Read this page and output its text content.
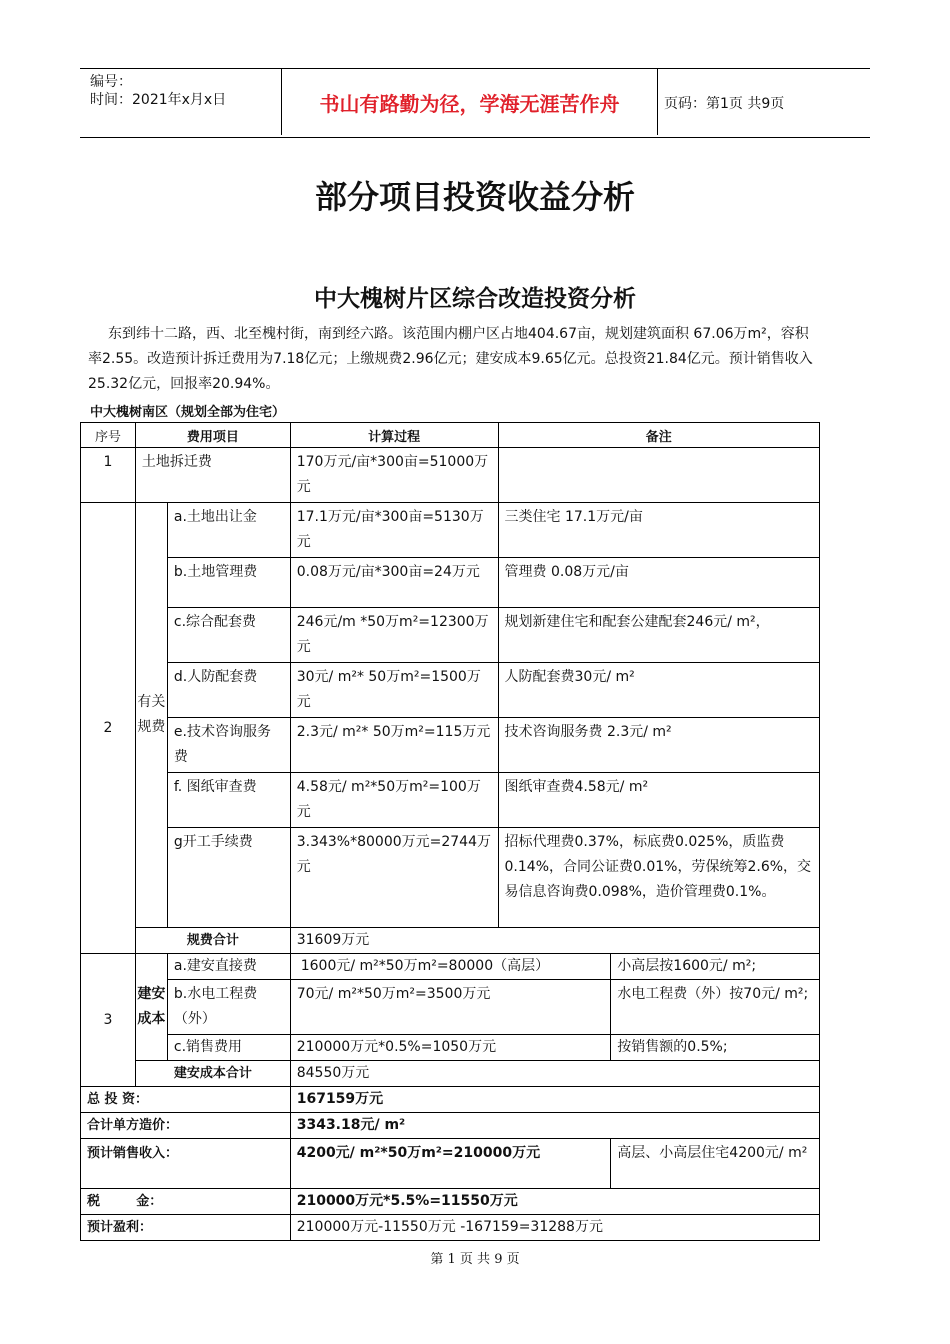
编号：
时间：2021年x月x日	书山有路勤为径，学海无涯苦作舟	页码：第1页 共9页
部分项目投资收益分析
中大槐树片区综合改造投资分析
东到纬十二路，西、北至槐村街，南到经六路。该范围内棚户区占地404.67亩，规划建筑面积 67.06万m²，容积率2.55。改造预计拆迁费用为7.18亿元；上缴规费2.96亿元；建安成本9.65亿元。总投资21.84亿元。预计销售收入25.32亿元，回报率20.94%。
中大槐树南区（规划全部为住宅）
序号	费用项目		计算过程	备注	
1	土地拆迁费		170万元/亩*300亩=51000万元		
2	有关规费	a.土地出让金	17.1万元/亩*300亩=5130万元	三类住宅 17.1万元/亩	
		b.土地管理费	0.08万元/亩*300亩=24万元	管理费 0.08万元/亩	
		c.综合配套费	246元/m *50万m²=12300万元	规划新建住宅和配套公建配套246元/ m²，	
		d.人防配套费	30元/ m²* 50万m²=1500万元	人防配套费30元/ m²	
		e.技术咨询服务费	2.3元/ m²* 50万m²=115万元	技术咨询服务费 2.3元/ m²	
		f. 图纸审查费	4.58元/ m²*50万m²=100万元	图纸审查费4.58元/ m²	
		g开工手续费	3.343%*80000万元=2744万元	招标代理费0.37%，标底费0.025%，质监费0.14%，合同公证费0.01%，劳保统筹2.6%，交易信息咨询费0.098%，造价管理费0.1%。	
	规费合计		31609万元		
3	建安成本	a.建安直接费	1600元/ m²*50万m²=80000（高层）		小高层按1600元/ m²;
		b.水电工程费（外）	70元/ m²*50万m²=3500万元		水电工程费（外）按70元/ m²;
		c.销售费用	210000万元*0.5%=1050万元		按销售额的0.5%;
	建安成本合计		84550万元		
总 投 资：			167159万元		
合计单方造价：			3343.18元/ m²		
预计销售收入：			4200元/ m²*50万m²=210000万元		高层、小高层住宅4200元/ m²
税        金：			210000万元*5.5%=11550万元		
预计盈利：			210000万元-11550万元 -167159=31288万元		
第 1 页 共 9 页
